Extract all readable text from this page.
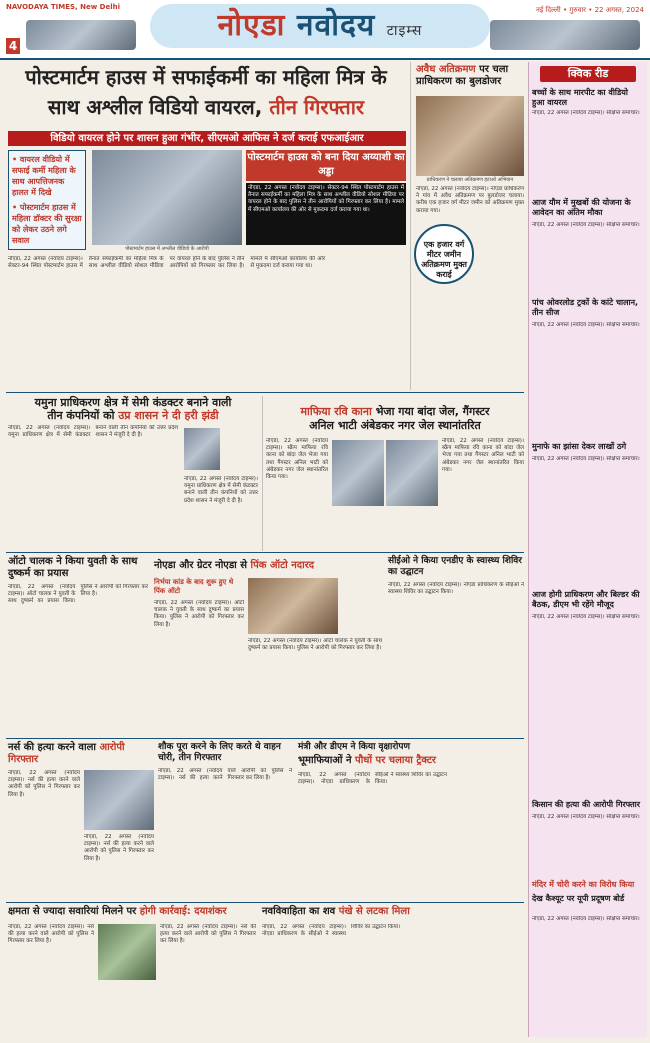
NAVODAYA TIMES, New Delhi
4
नोएडा नवोदय टाइम्स
नई दिल्ली • गुरुवार • 22 अगस्त, 2024
पोस्टमार्टम हाउस में सफाईकर्मी का महिला मित्र के
साथ अश्लील विडियो वायरल, तीन गिरफ्तार
विडियो वायरल होने पर शासन हुआ गंभीर, सीएमओ आफिस ने दर्ज कराई एफआईआर
• वायरल वीडियो में सफाई कर्मी महिला के साथ आपत्तिजनक हालत में दिखे
• पोस्टमार्टम हाउस में महिला डॉक्टर की सुरक्षा को लेकर उठने लगे सवाल
पोस्टमार्टम हाउस में अश्लील वीडियो के आरोपी
पोस्टमार्टम हाउस को बना दिया अय्याशी का अड्डा
नोएडा, 22 अगस्त (नवोदय टाइम्स)। सेक्टर-94 स्थित पोस्टमार्टम हाउस में तैनात सफाईकर्मी का महिला मित्र के साथ अश्लील वीडियो सोशल मीडिया पर वायरल होने के बाद पुलिस ने तीन आरोपियों को गिरफ्तार कर लिया है। मामले में सीएमओ कार्यालय की ओर से मुकदमा दर्ज कराया गया था।
नोएडा, 22 अगस्त (नवोदय टाइम्स)। सेक्टर-94 स्थित पोस्टमार्टम हाउस में तैनात सफाईकर्मी का महिला मित्र के साथ अश्लील वीडियो सोशल मीडिया पर वायरल होने के बाद पुलिस ने तीन आरोपियों को गिरफ्तार कर लिया है। मामले में सीएमओ कार्यालय की ओर से मुकदमा दर्ज कराया गया था।
अवैध अतिक्रमण पर चला प्राधिकरण का बुलडोजर
प्राधिकरण ने चलाया अतिक्रमण हटाओ अभियान
नोएडा, 22 अगस्त (नवोदय टाइम्स)। नोएडा प्राधिकरण ने गांव में अवैध अतिक्रमण पर बुलडोजर चलाया। करीब एक हजार वर्ग मीटर जमीन को अतिक्रमण मुक्त कराया गया।
एक हजार वर्ग मीटर जमीन अतिक्रमण मुक्त कराई
यमुना प्राधिकरण क्षेत्र में सेमी कंडक्टर बनाने वाली
तीन कंपनियों को उप्र शासन ने दी हरी झंडी
नोएडा, 22 अगस्त (नवोदय टाइम्स)। यमुना प्राधिकरण क्षेत्र में सेमी कंडक्टर बनाने वाली तीन कंपनियों को उत्तर प्रदेश शासन ने मंजूरी दे दी है।
नोएडा, 22 अगस्त (नवोदय टाइम्स)। यमुना प्राधिकरण क्षेत्र में सेमी कंडक्टर बनाने वाली तीन कंपनियों को उत्तर प्रदेश शासन ने मंजूरी दे दी है।
माफिया रवि काना भेजा गया बांदा जेल, गैंगस्टर
अनिल भाटी अंबेडकर नगर जेल स्थानांतरित
नोएडा, 22 अगस्त (नवोदय टाइम्स)। स्क्रैप माफिया रवि काना को बांदा जेल भेजा गया तथा गैंगस्टर अनिल भाटी को अंबेडकर नगर जेल स्थानांतरित किया गया।
नोएडा, 22 अगस्त (नवोदय टाइम्स)। स्क्रैप माफिया रवि काना को बांदा जेल भेजा गया तथा गैंगस्टर अनिल भाटी को अंबेडकर नगर जेल स्थानांतरित किया गया।
ऑटो चालक ने किया युवती के साथ दुष्कर्म का प्रयास
नोएडा, 22 अगस्त (नवोदय टाइम्स)। ऑटो चालक ने युवती के साथ दुष्कर्म का प्रयास किया। पुलिस ने आरोपी को गिरफ्तार कर लिया है।
नोएडा और ग्रेटर नोएडा से पिंक ऑटो नदारद
निर्भया कांड के बाद शुरू हुए थे पिंक ऑटो
नोएडा, 22 अगस्त (नवोदय टाइम्स)। ऑटो चालक ने युवती के साथ दुष्कर्म का प्रयास किया। पुलिस ने आरोपी को गिरफ्तार कर लिया है।
नोएडा, 22 अगस्त (नवोदय टाइम्स)। ऑटो चालक ने युवती के साथ दुष्कर्म का प्रयास किया। पुलिस ने आरोपी को गिरफ्तार कर लिया है।
सीईओ ने किया एनडीए के स्वास्थ्य शिविर का उद्घाटन
नोएडा, 22 अगस्त (नवोदय टाइम्स)। नोएडा प्राधिकरण के सीईओ ने स्वास्थ्य शिविर का उद्घाटन किया।
नर्स की हत्या करने वाला आरोपी गिरफ्तार
नोएडा, 22 अगस्त (नवोदय टाइम्स)। नर्स की हत्या करने वाले आरोपी को पुलिस ने गिरफ्तार कर लिया है।
नोएडा, 22 अगस्त (नवोदय टाइम्स)। नर्स की हत्या करने वाले आरोपी को पुलिस ने गिरफ्तार कर लिया है।
शौक पूरा करने के लिए करते थे वाहन चोरी, तीन गिरफ्तार
नोएडा, 22 अगस्त (नवोदय टाइम्स)। नर्स की हत्या करने वाले आरोपी को पुलिस ने गिरफ्तार कर लिया है।
मंत्री और डीएम ने किया वृक्षारोपण
भूमाफियाओं ने पौधों पर चलाया ट्रैक्टर
नोएडा, 22 अगस्त (नवोदय टाइम्स)। नोएडा प्राधिकरण के सीईओ ने स्वास्थ्य शिविर का उद्घाटन किया।
क्षमता से ज्यादा सवारियां मिलने पर होगी कार्रवाई: दयाशंकर
नोएडा, 22 अगस्त (नवोदय टाइम्स)। नर्स की हत्या करने वाले आरोपी को पुलिस ने गिरफ्तार कर लिया है।
नोएडा, 22 अगस्त (नवोदय टाइम्स)। नर्स की हत्या करने वाले आरोपी को पुलिस ने गिरफ्तार कर लिया है।
नवविवाहिता का शव पंखे से लटका मिला
नोएडा, 22 अगस्त (नवोदय टाइम्स)। नोएडा प्राधिकरण के सीईओ ने स्वास्थ्य शिविर का उद्घाटन किया।
क्विक रीड
बच्चों के साथ मारपीट का वीडियो हुआ वायरल
नोएडा, 22 अगस्त (नवोदय टाइम्स)। संक्षिप्त समाचार।
आज यौम में मुखबों की योजना के आवेदन का अंतिम मौका
नोएडा, 22 अगस्त (नवोदय टाइम्स)। संक्षिप्त समाचार।
पांच ओवरलोड ट्रकों के कांटे चालान, तीन सीज
नोएडा, 22 अगस्त (नवोदय टाइम्स)। संक्षिप्त समाचार।
मुनाफे का झांसा देकर लाखों ठगे
नोएडा, 22 अगस्त (नवोदय टाइम्स)। संक्षिप्त समाचार।
आज होगी प्राधिकरण और बिल्डर की बैठक, डीएम भी रहेंगे मौजूद
नोएडा, 22 अगस्त (नवोदय टाइम्स)। संक्षिप्त समाचार।
किसान की हत्या की आरोपी गिरफ्तार
नोएडा, 22 अगस्त (नवोदय टाइम्स)। संक्षिप्त समाचार।
मंदिर में चोरी करने का विरोध किया
देख कैश्यूट पर यूपी प्रदूषण बोर्ड
नोएडा, 22 अगस्त (नवोदय टाइम्स)। संक्षिप्त समाचार।
